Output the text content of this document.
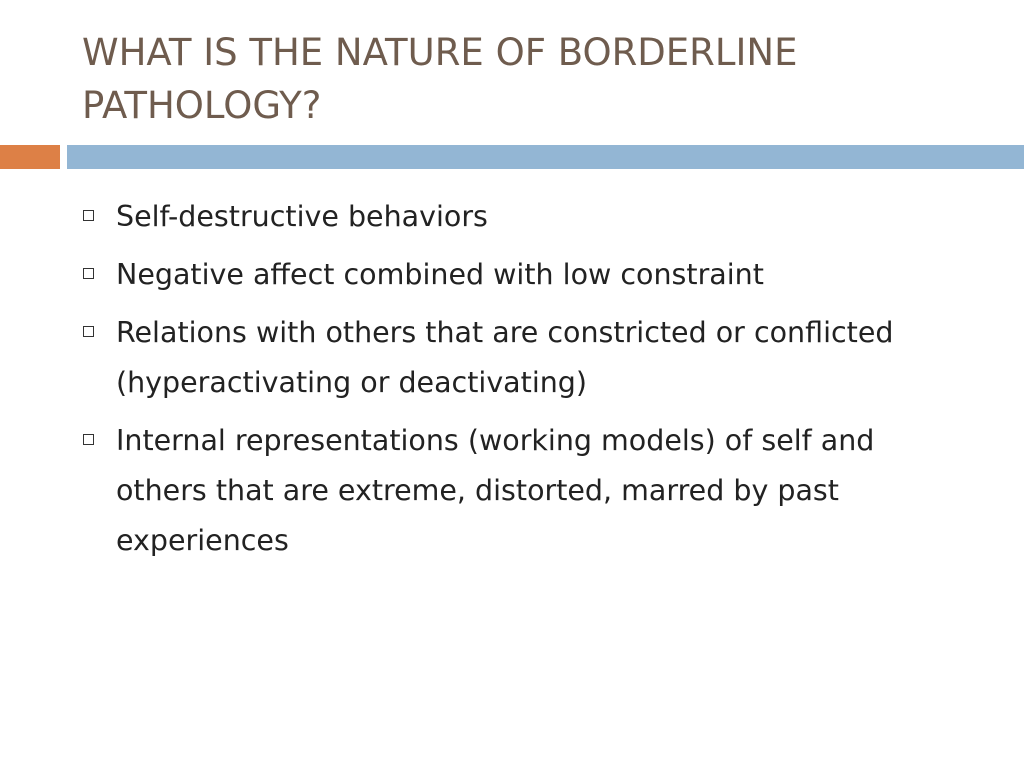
WHAT IS THE NATURE OF BORDERLINE
PATHOLOGY?
Self-destructive behaviors
Negative affect combined with low constraint
Relations with others that are constricted or conflicted (hyperactivating or deactivating)
Internal representations (working models) of self and others that are extreme, distorted, marred by past experiences
